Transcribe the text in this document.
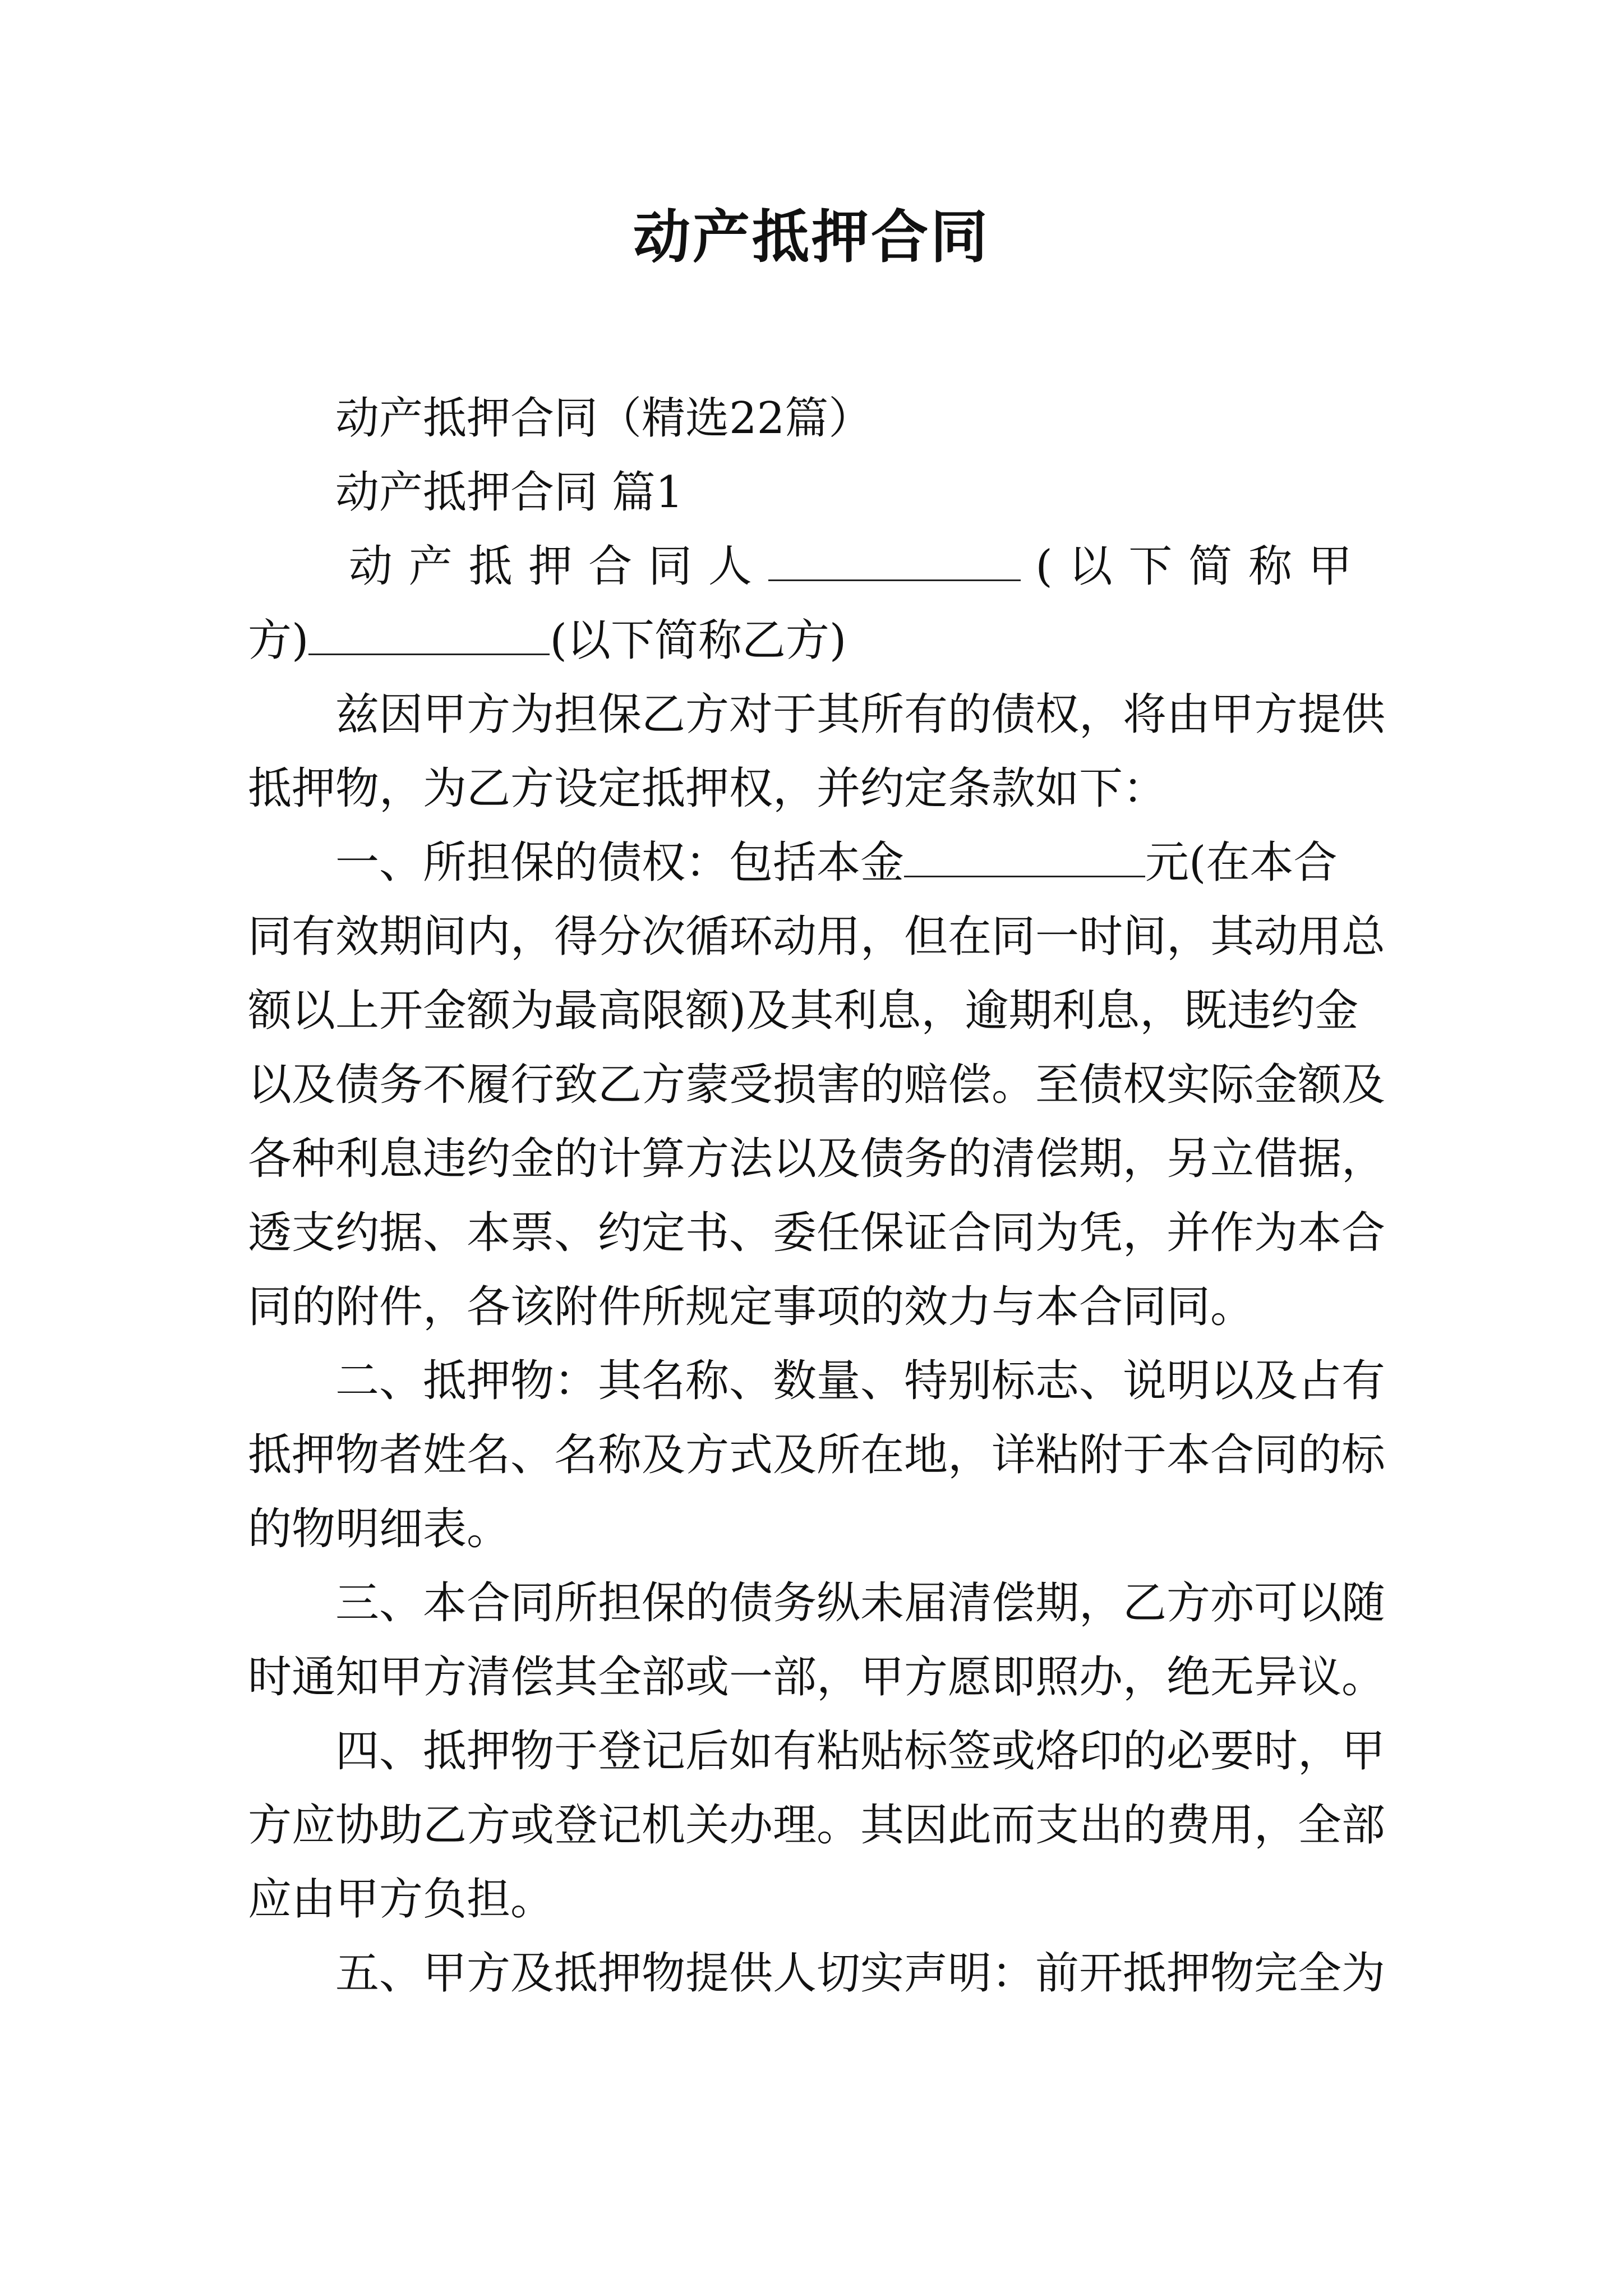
动产抵押合同
动产抵押合同（精选22篇）
动产抵押合同 篇1
动 产 抵 押 合 同 人	( 以 下 简 称 甲
方)	(以下简称乙方)
兹因甲方为担保乙方对于其所有的债权，将由甲方提供
抵押物，为乙方设定抵押权，并约定条款如下：
一、所担保的债权：包括本金	元(在本合
同有效期间内，得分次循环动用，但在同一时间，其动用总
额以上开金额为最高限额)及其利息，逾期利息，既违约金
以及债务不履行致乙方蒙受损害的赔偿。至债权实际金额及
各种利息违约金的计算方法以及债务的清偿期，另立借据，
透支约据、本票、约定书、委任保证合同为凭，并作为本合
同的附件，各该附件所规定事项的效力与本合同同。
二、抵押物：其名称、数量、特别标志、说明以及占有
抵押物者姓名、名称及方式及所在地，详粘附于本合同的标
的物明细表。
三、本合同所担保的债务纵未届清偿期，乙方亦可以随
时通知甲方清偿其全部或一部，甲方愿即照办，绝无异议。
四、抵押物于登记后如有粘贴标签或烙印的必要时，甲
方应协助乙方或登记机关办理。其因此而支出的费用，全部
应由甲方负担。
五、甲方及抵押物提供人切实声明：前开抵押物完全为
